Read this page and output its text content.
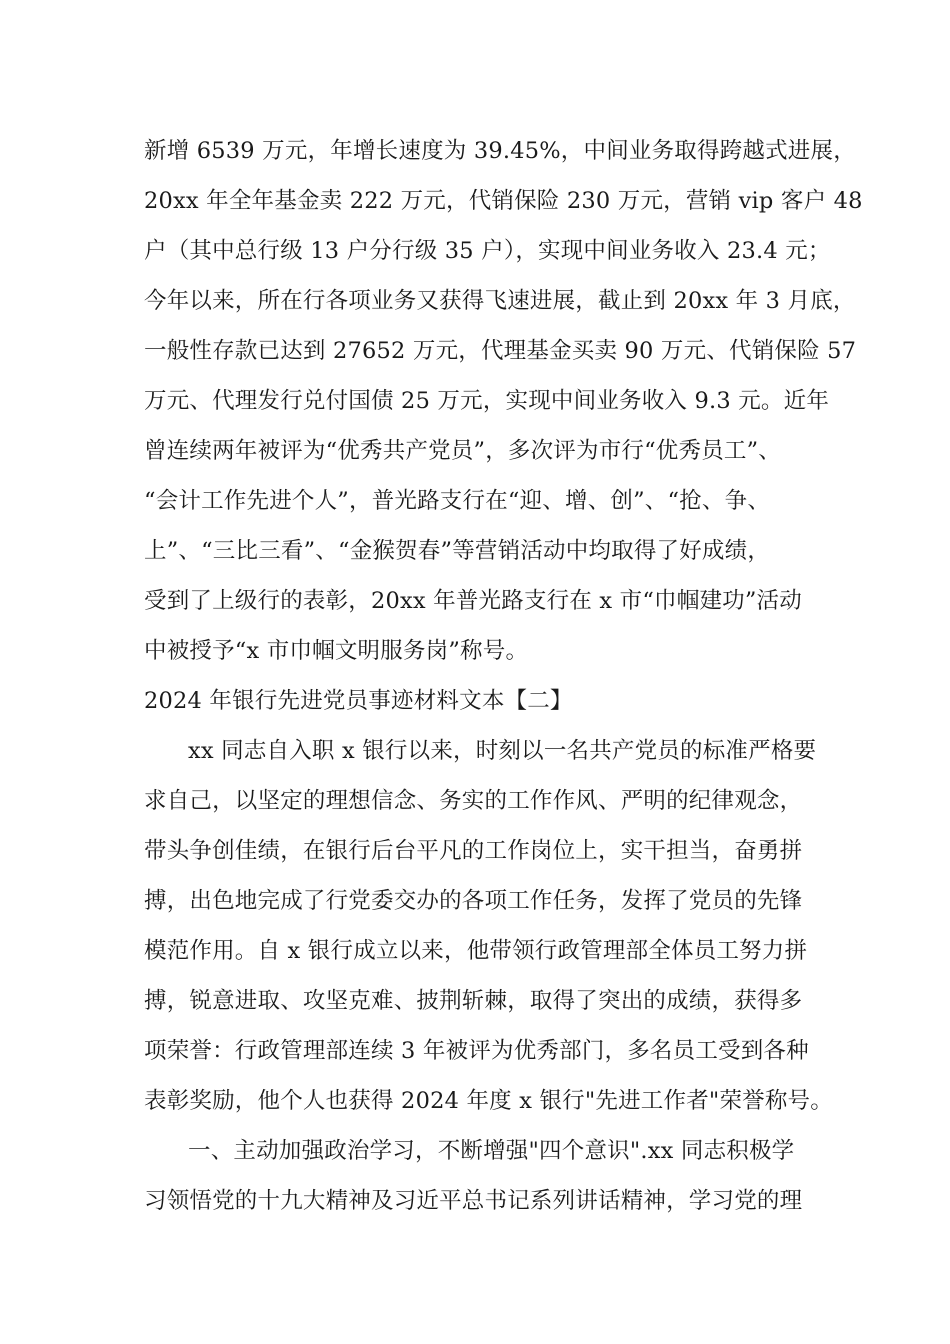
新增 6539 万元，年增长速度为 39.45%，中间业务取得跨越式进展，
20xx 年全年基金卖 222 万元，代销保险 230 万元，营销 vip 客户 48
户（其中总行级 13 户分行级 35 户），实现中间业务收入 23.4 元；
今年以来，所在行各项业务又获得飞速进展，截止到 20xx 年 3 月底，
一般性存款已达到 27652 万元，代理基金买卖 90 万元、代销保险 57
万元、代理发行兑付国债 25 万元，实现中间业务收入 9.3 元。近年
曾连续两年被评为“优秀共产党员”，多次评为市行“优秀员工”、
“会计工作先进个人”，普光路支行在“迎、增、创”、“抢、争、
上”、“三比三看”、“金猴贺春”等营销活动中均取得了好成绩，
受到了上级行的表彰，20xx 年普光路支行在 x 市“巾帼建功”活动
中被授予“x 市巾帼文明服务岗”称号。
2024 年银行先进党员事迹材料文本【二】
xx 同志自入职 x 银行以来，时刻以一名共产党员的标准严格要
求自己，以坚定的理想信念、务实的工作作风、严明的纪律观念，
带头争创佳绩，在银行后台平凡的工作岗位上，实干担当，奋勇拼
搏，出色地完成了行党委交办的各项工作任务，发挥了党员的先锋
模范作用。自 x 银行成立以来，他带领行政管理部全体员工努力拼
搏，锐意进取、攻坚克难、披荆斩棘，取得了突出的成绩，获得多
项荣誉：行政管理部连续 3 年被评为优秀部门，多名员工受到各种
表彰奖励，他个人也获得 2024 年度 x 银行"先进工作者"荣誉称号。
一、主动加强政治学习，不断增强"四个意识".xx 同志积极学
习领悟党的十九大精神及习近平总书记系列讲话精神，学习党的理
